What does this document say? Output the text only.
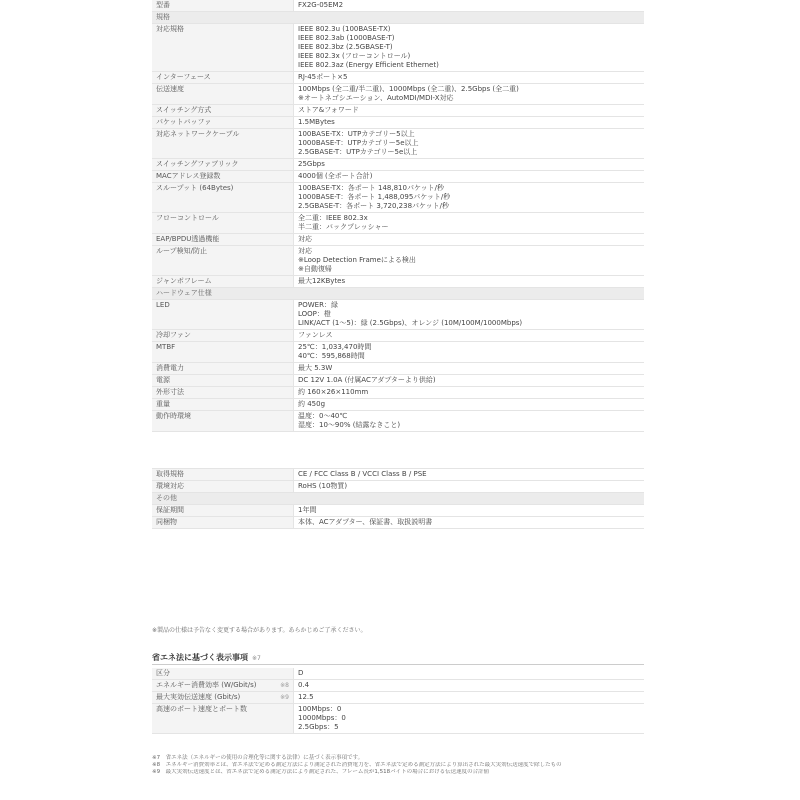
型番	FX2G-05EM2

規格	
対応規格	IEEE 802.3u (100BASE-TX)
IEEE 802.3ab (1000BASE-T)
IEEE 802.3bz (2.5GBASE-T)
IEEE 802.3x (フローコントロール)
IEEE 802.3az (Energy Efficient Ethernet)

インターフェース	RJ-45ポート×5

伝送速度	100Mbps (全二重/半二重)、1000Mbps (全二重)、2.5Gbps (全二重)
※オートネゴシエーション、AutoMDI/MDI-X対応

スイッチング方式	ストア&フォワード

パケットバッファ	1.5MBytes

対応ネットワークケーブル	100BASE-TX：UTPカテゴリー5以上
1000BASE-T：UTPカテゴリー5e以上
2.5GBASE-T：UTPカテゴリー5e以上

スイッチングファブリック	25Gbps

MACアドレス登録数	4000個 (全ポート合計)

スループット (64Bytes)	100BASE-TX：各ポート 148,810パケット/秒
1000BASE-T：各ポート 1,488,095パケット/秒
2.5GBASE-T：各ポート 3,720,238パケット/秒

フローコントロール	全二重：IEEE 802.3x
半二重：バックプレッシャー

EAP/BPDU透過機能	対応

ループ検知/防止	対応
※Loop Detection Frameによる検出
※自動復帰

ジャンボフレーム	最大12KBytes

ハードウェア仕様	
LED	POWER：緑
LOOP：橙
LINK/ACT (1〜5)：緑 (2.5Gbps)、オレンジ (10M/100M/1000Mbps)

冷却ファン	ファンレス

MTBF	25℃：1,033,470時間
40℃：595,868時間

消費電力	最大 5.3W

電源	DC 12V 1.0A (付属ACアダプターより供給)

外形寸法	約 160×26×110mm

重量	約 450g

動作時環境	温度：0〜40℃
湿度：10〜90% (結露なきこと)

取得規格	CE / FCC Class B / VCCI Class B / PSE

環境対応	RoHS (10物質)

その他	
保証期間	1年間

同梱物	本体、ACアダプター、保証書、取扱説明書
※製品の仕様は予告なく変更する場合があります。あらかじめご了承ください。
省エネ法に基づく表示事項 ※7
区分	D

エネルギー消費効率 (W/Gbit/s) ※8	0.4

最大実効伝送速度 (Gbit/s) ※9	12.5

高速のポート速度とポート数	100Mbps：0
1000Mbps：0
2.5Gbps：5
※7　省エネ法（エネルギーの使用の合理化等に関する法律）に基づく表示事項です。
※8　エネルギー消費効率とは、省エネ法で定める測定方法により測定された消費電力を、省エネ法で定める測定方法により算出された最大実効伝送速度で除したもの
※9　最大実効伝送速度とは、省エネ法で定める測定方法により測定された、フレーム長が1,518バイトの場合における伝送速度の合計値
